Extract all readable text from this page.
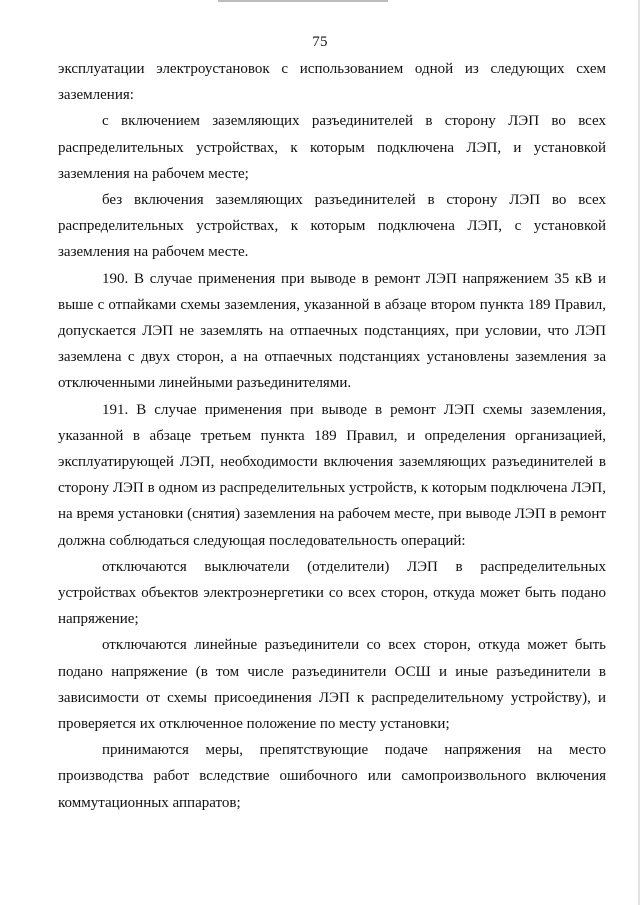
75

эксплуатации электроустановок с использованием одной из следующих схем заземления:

с включением заземляющих разъединителей в сторону ЛЭП во всех распределительных устройствах, к которым подключена ЛЭП, и установкой заземления на рабочем месте;

без включения заземляющих разъединителей в сторону ЛЭП во всех распределительных устройствах, к которым подключена ЛЭП, с установкой заземления на рабочем месте.

190. В случае применения при выводе в ремонт ЛЭП напряжением 35 кВ и выше с отпайками схемы заземления, указанной в абзаце втором пункта 189 Правил, допускается ЛЭП не заземлять на отпаечных подстанциях, при условии, что ЛЭП заземлена с двух сторон, а на отпаечных подстанциях установлены заземления за отключенными линейными разъединителями.

191. В случае применения при выводе в ремонт ЛЭП схемы заземления, указанной в абзаце третьем пункта 189 Правил, и определения организацией, эксплуатирующей ЛЭП, необходимости включения заземляющих разъединителей в сторону ЛЭП в одном из распределительных устройств, к которым подключена ЛЭП, на время установки (снятия) заземления на рабочем месте, при выводе ЛЭП в ремонт должна соблюдаться следующая последовательность операций:

отключаются выключатели (отделители) ЛЭП в распределительных устройствах объектов электроэнергетики со всех сторон, откуда может быть подано напряжение;

отключаются линейные разъединители со всех сторон, откуда может быть подано напряжение (в том числе разъединители ОСШ и иные разъединители в зависимости от схемы присоединения ЛЭП к распределительному устройству), и проверяется их отключенное положение по месту установки;

принимаются меры, препятствующие подаче напряжения на место производства работ вследствие ошибочного или самопроизвольного включения коммутационных аппаратов;
